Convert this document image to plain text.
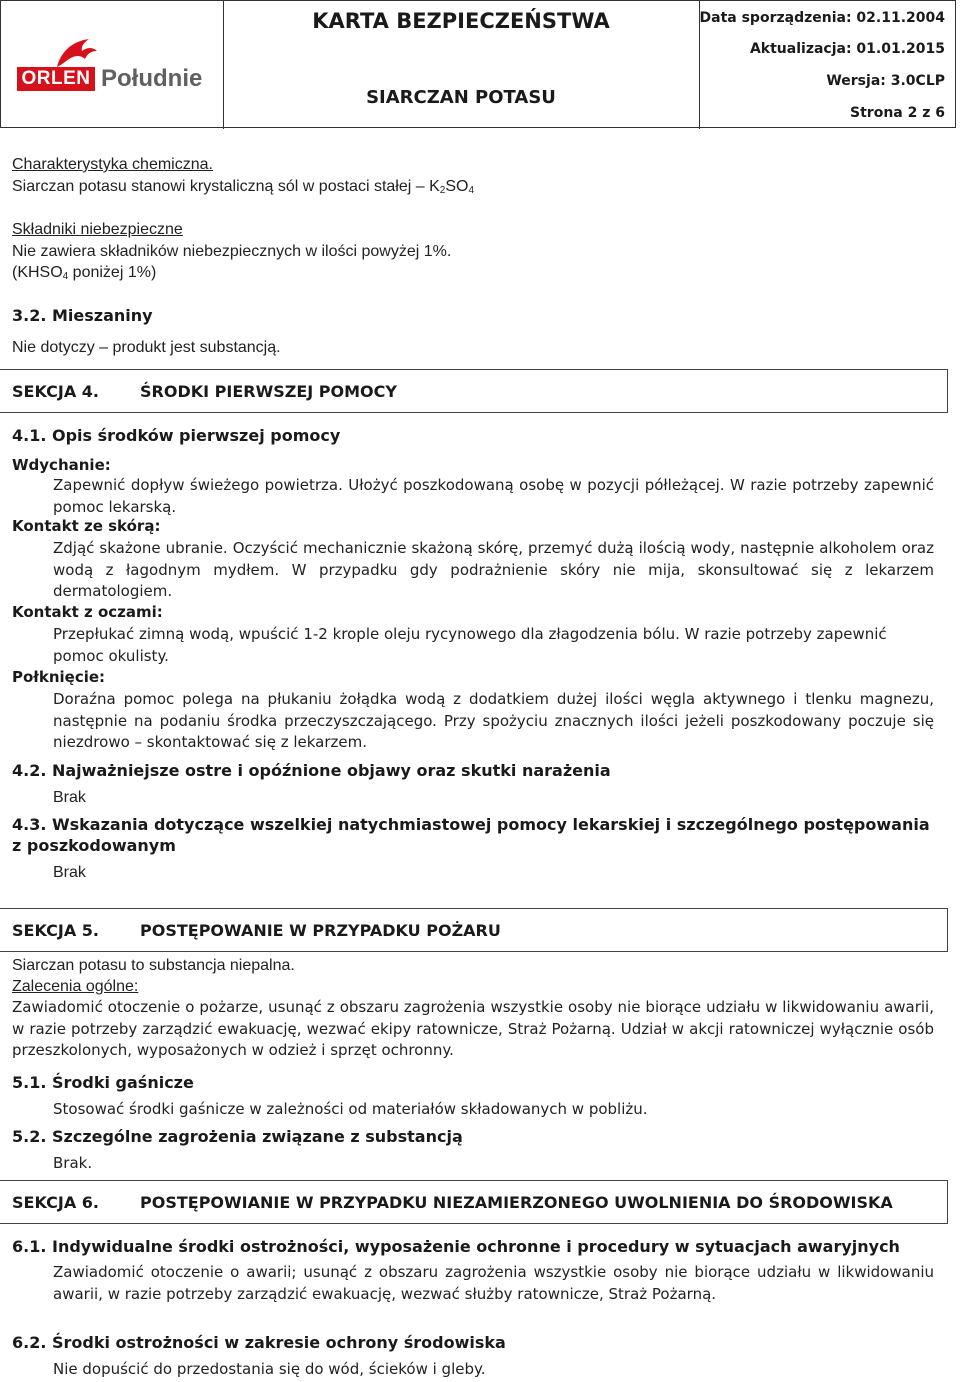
ORLEN Południe
KARTA BEZPIECZEŃSTWA
SIARCZAN POTASU
Data sporządzenia: 02.11.2004
Aktualizacja: 01.01.2015
Wersja: 3.0CLP
Strona 2 z 6
Charakterystyka chemiczna.
Siarczan potasu stanowi krystaliczną sól w postaci stałej – $K_2SO_4$
Składniki niebezpieczne
Nie zawiera składników niebezpiecznych w ilości powyżej 1%.
($KHSO_4$ poniżej 1%)
3.2. Mieszaniny
Nie dotyczy – produkt jest substancją.
SEKCJA 4.	ŚRODKI PIERWSZEJ POMOCY
4.1. Opis środków pierwszej pomocy
Wdychanie:
Zapewnić dopływ świeżego powietrza. Ułożyć poszkodowaną osobę w pozycji półleżącej. W razie potrzeby zapewnić pomoc lekarską.
Kontakt ze skórą:
Zdjąć skażone ubranie. Oczyścić mechanicznie skażoną skórę, przemyć dużą ilością wody, następnie alkoholem oraz wodą z łagodnym mydłem. W przypadku gdy podrażnienie skóry nie mija, skonsultować się z lekarzem dermatologiem.
Kontakt z oczami:
Przepłukać zimną wodą, wpuścić 1-2 krople oleju rycynowego dla złagodzenia bólu. W razie potrzeby zapewnić pomoc okulisty.
Połknięcie:
Doraźna pomoc polega na płukaniu żołądka wodą z dodatkiem dużej ilości węgla aktywnego i tlenku magnezu, następnie na podaniu środka przeczyszczającego. Przy spożyciu znacznych ilości jeżeli poszkodowany poczuje się niezdrowo – skontaktować się z lekarzem.
4.2. Najważniejsze ostre i opóźnione objawy oraz skutki narażenia
Brak
4.3. Wskazania dotyczące wszelkiej natychmiastowej pomocy lekarskiej i szczególnego postępowania z poszkodowanym
Brak
SEKCJA 5.	POSTĘPOWANIE W PRZYPADKU POŻARU
Siarczan potasu to substancja niepalna.
Zalecenia ogólne:
Zawiadomić otoczenie o pożarze, usunąć z obszaru zagrożenia wszystkie osoby nie biorące udziału w likwidowaniu awarii, w razie potrzeby zarządzić ewakuację, wezwać ekipy ratownicze, Straż Pożarną. Udział w akcji ratowniczej wyłącznie osób przeszkolonych, wyposażonych w odzież i sprzęt ochronny.
5.1. Środki gaśnicze
Stosować środki gaśnicze w zależności od materiałów składowanych w pobliżu.
5.2. Szczególne zagrożenia związane z substancją
Brak.
SEKCJA 6.	POSTĘPOWIANIE W PRZYPADKU NIEZAMIERZONEGO UWOLNIENIA DO ŚRODOWISKA
6.1. Indywidualne środki ostrożności, wyposażenie ochronne i procedury w sytuacjach awaryjnych
Zawiadomić otoczenie o awarii; usunąć z obszaru zagrożenia wszystkie osoby nie biorące udziału w likwidowaniu awarii, w razie potrzeby zarządzić ewakuację, wezwać służby ratownicze, Straż Pożarną.
6.2. Środki ostrożności w zakresie ochrony środowiska
Nie dopuścić do przedostania się do wód, ścieków i gleby.
